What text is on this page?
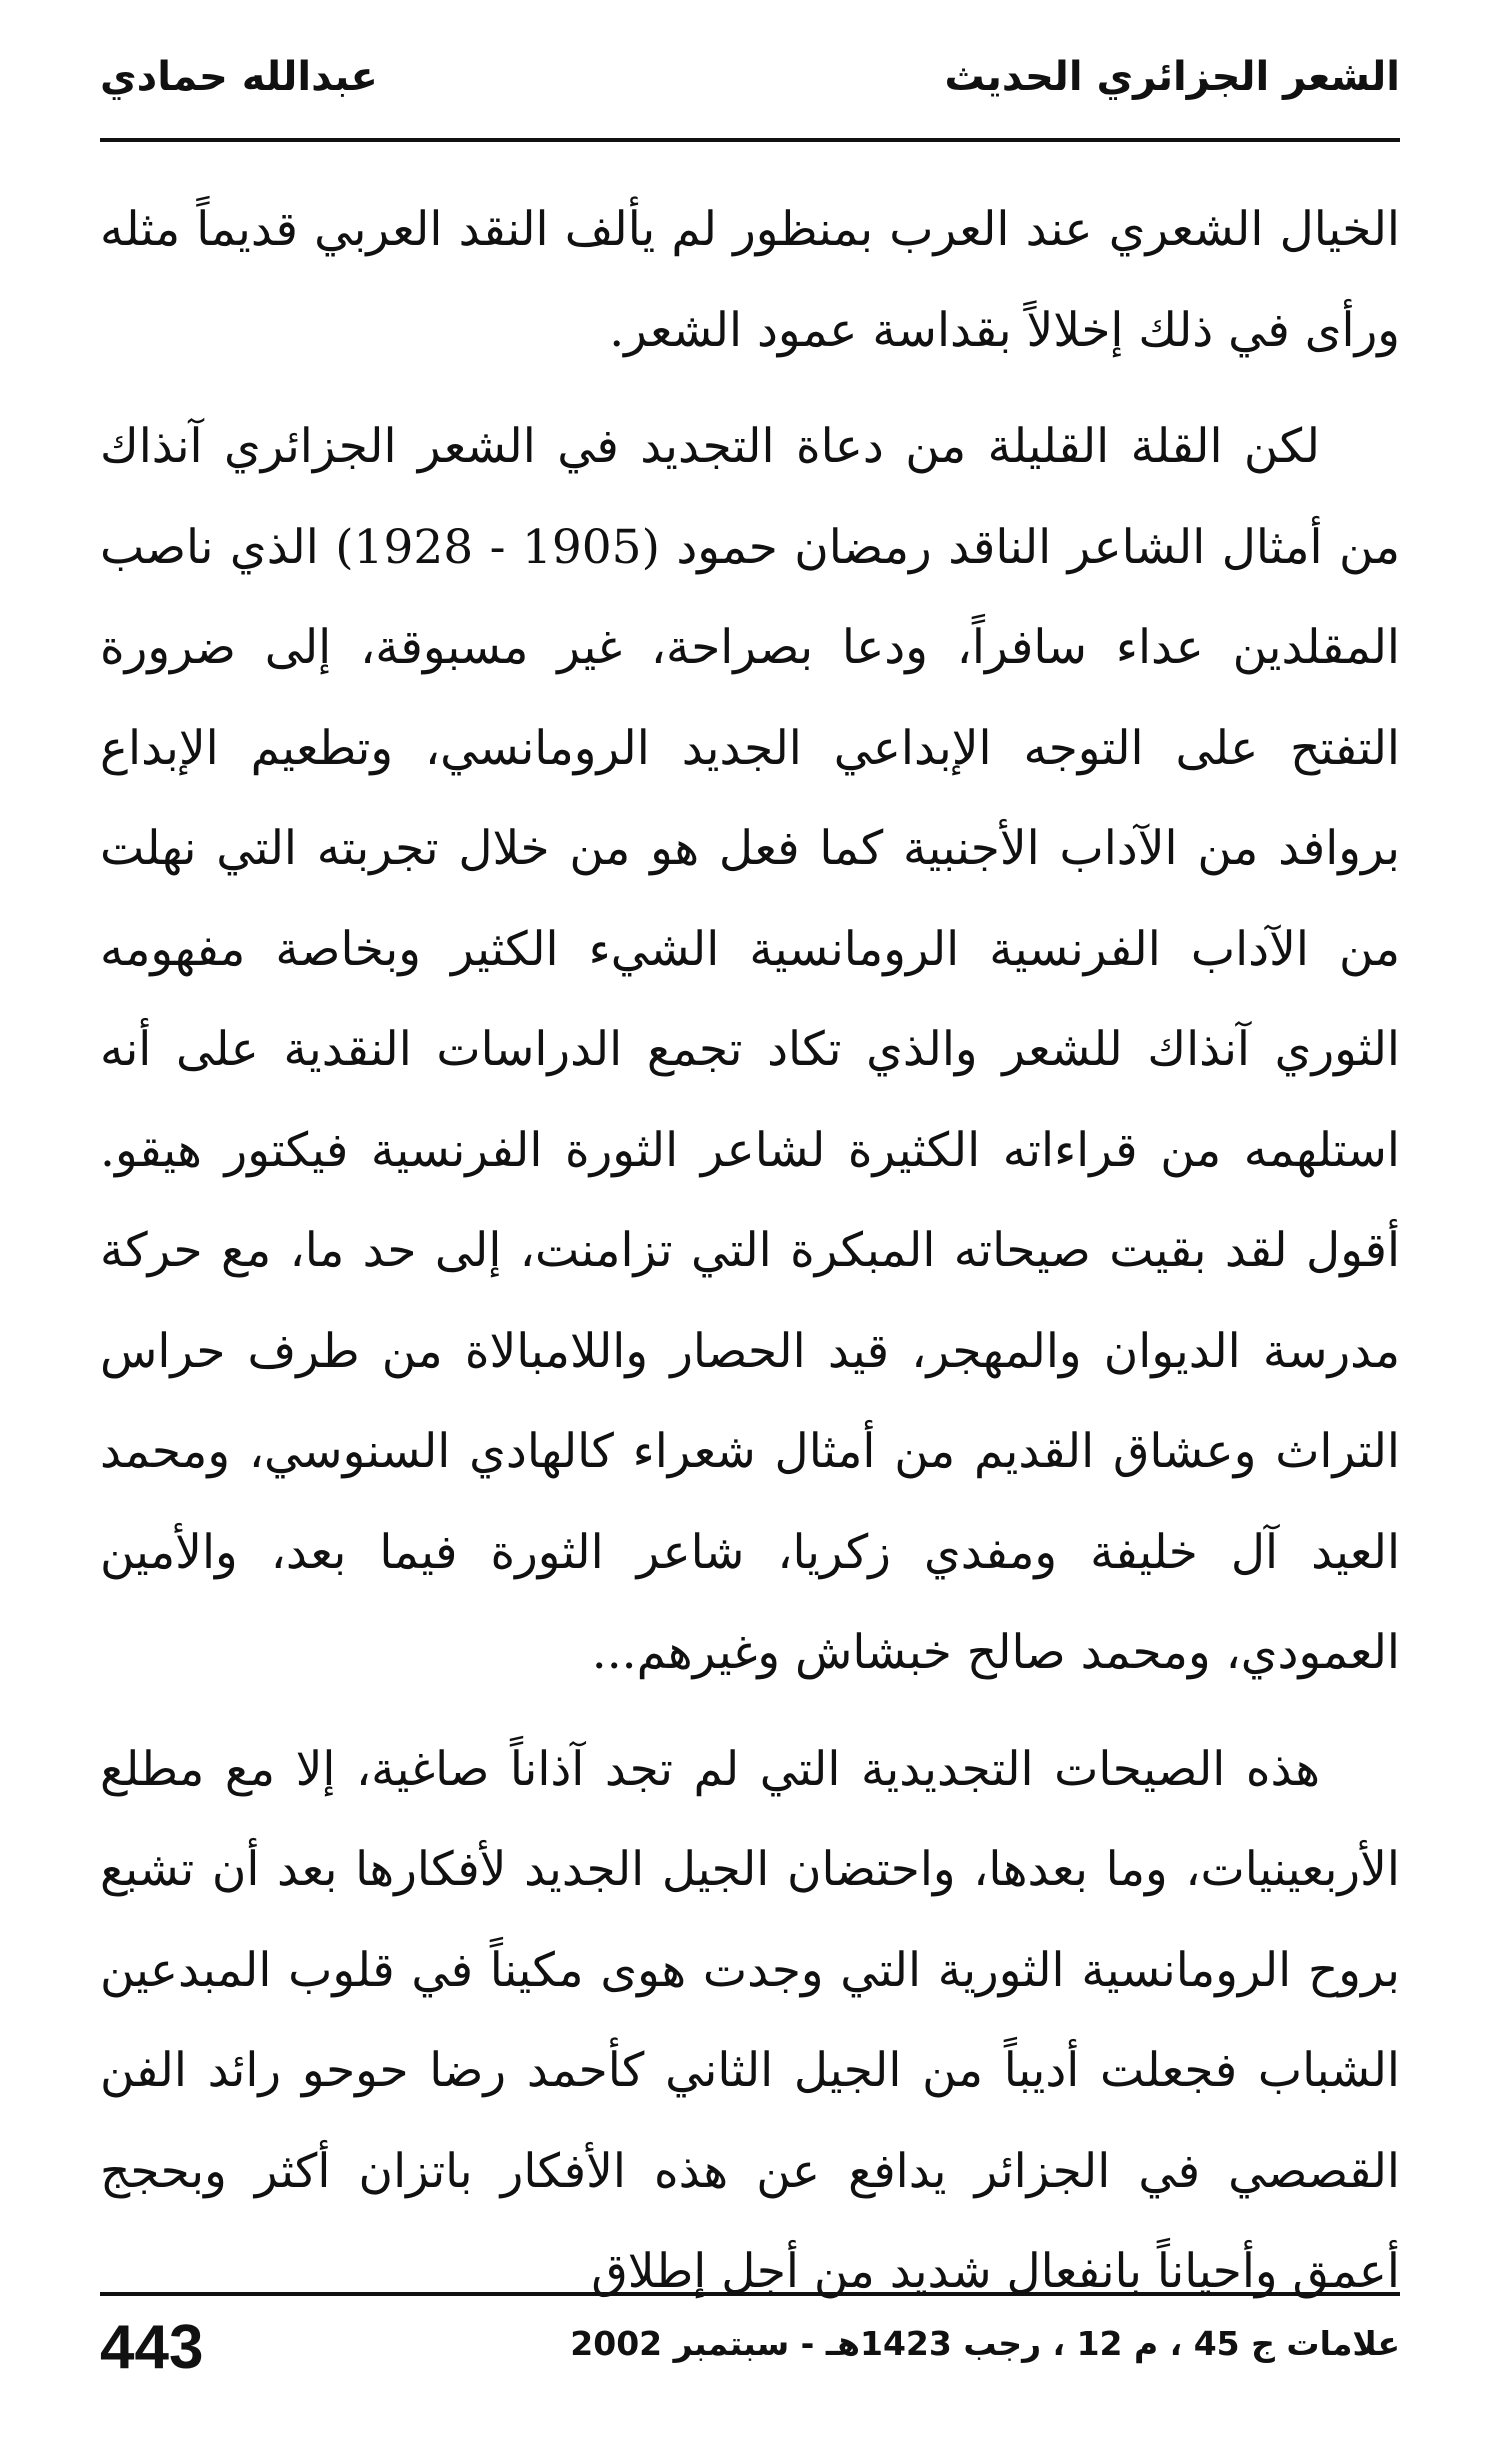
الشعر الجزائري الحديث
عبدالله حمادي

الخيال الشعري عند العرب بمنظور لم يألف النقد العربي قديماً مثله ورأى في ذلك إخلالاً بقداسة عمود الشعر.

لكن القلة القليلة من دعاة التجديد في الشعر الجزائري آنذاك من أمثال الشاعر الناقد رمضان حمود (1905 - 1928) الذي ناصب المقلدين عداء سافراً، ودعا بصراحة، غير مسبوقة، إلى ضرورة التفتح على التوجه الإبداعي الجديد الرومانسي، وتطعيم الإبداع بروافد من الآداب الأجنبية كما فعل هو من خلال تجربته التي نهلت من الآداب الفرنسية الرومانسية الشيء الكثير وبخاصة مفهومه الثوري آنذاك للشعر والذي تكاد تجمع الدراسات النقدية على أنه استلهمه من قراءاته الكثيرة لشاعر الثورة الفرنسية فيكتور هيقو. أقول لقد بقيت صيحاته المبكرة التي تزامنت، إلى حد ما، مع حركة مدرسة الديوان والمهجر، قيد الحصار واللامبالاة من طرف حراس التراث وعشاق القديم من أمثال شعراء كالهادي السنوسي، ومحمد العيد آل خليفة ومفدي زكريا، شاعر الثورة فيما بعد، والأمين العمودي، ومحمد صالح خبشاش وغيرهم...

هذه الصيحات التجديدية التي لم تجد آذاناً صاغية، إلا مع مطلع الأربعينيات، وما بعدها، واحتضان الجيل الجديد لأفكارها بعد أن تشبع بروح الرومانسية الثورية التي وجدت هوى مكيناً في قلوب المبدعين الشباب فجعلت أديباً من الجيل الثاني كأحمد رضا حوحو رائد الفن القصصي في الجزائر يدافع عن هذه الأفكار باتزان أكثر وبحجج أعمق وأحياناً بانفعال شديد من أجل إطلاق

علامات ج 45 ، م 12 ، رجب 1423هـ - سبتمبر 2002
443
